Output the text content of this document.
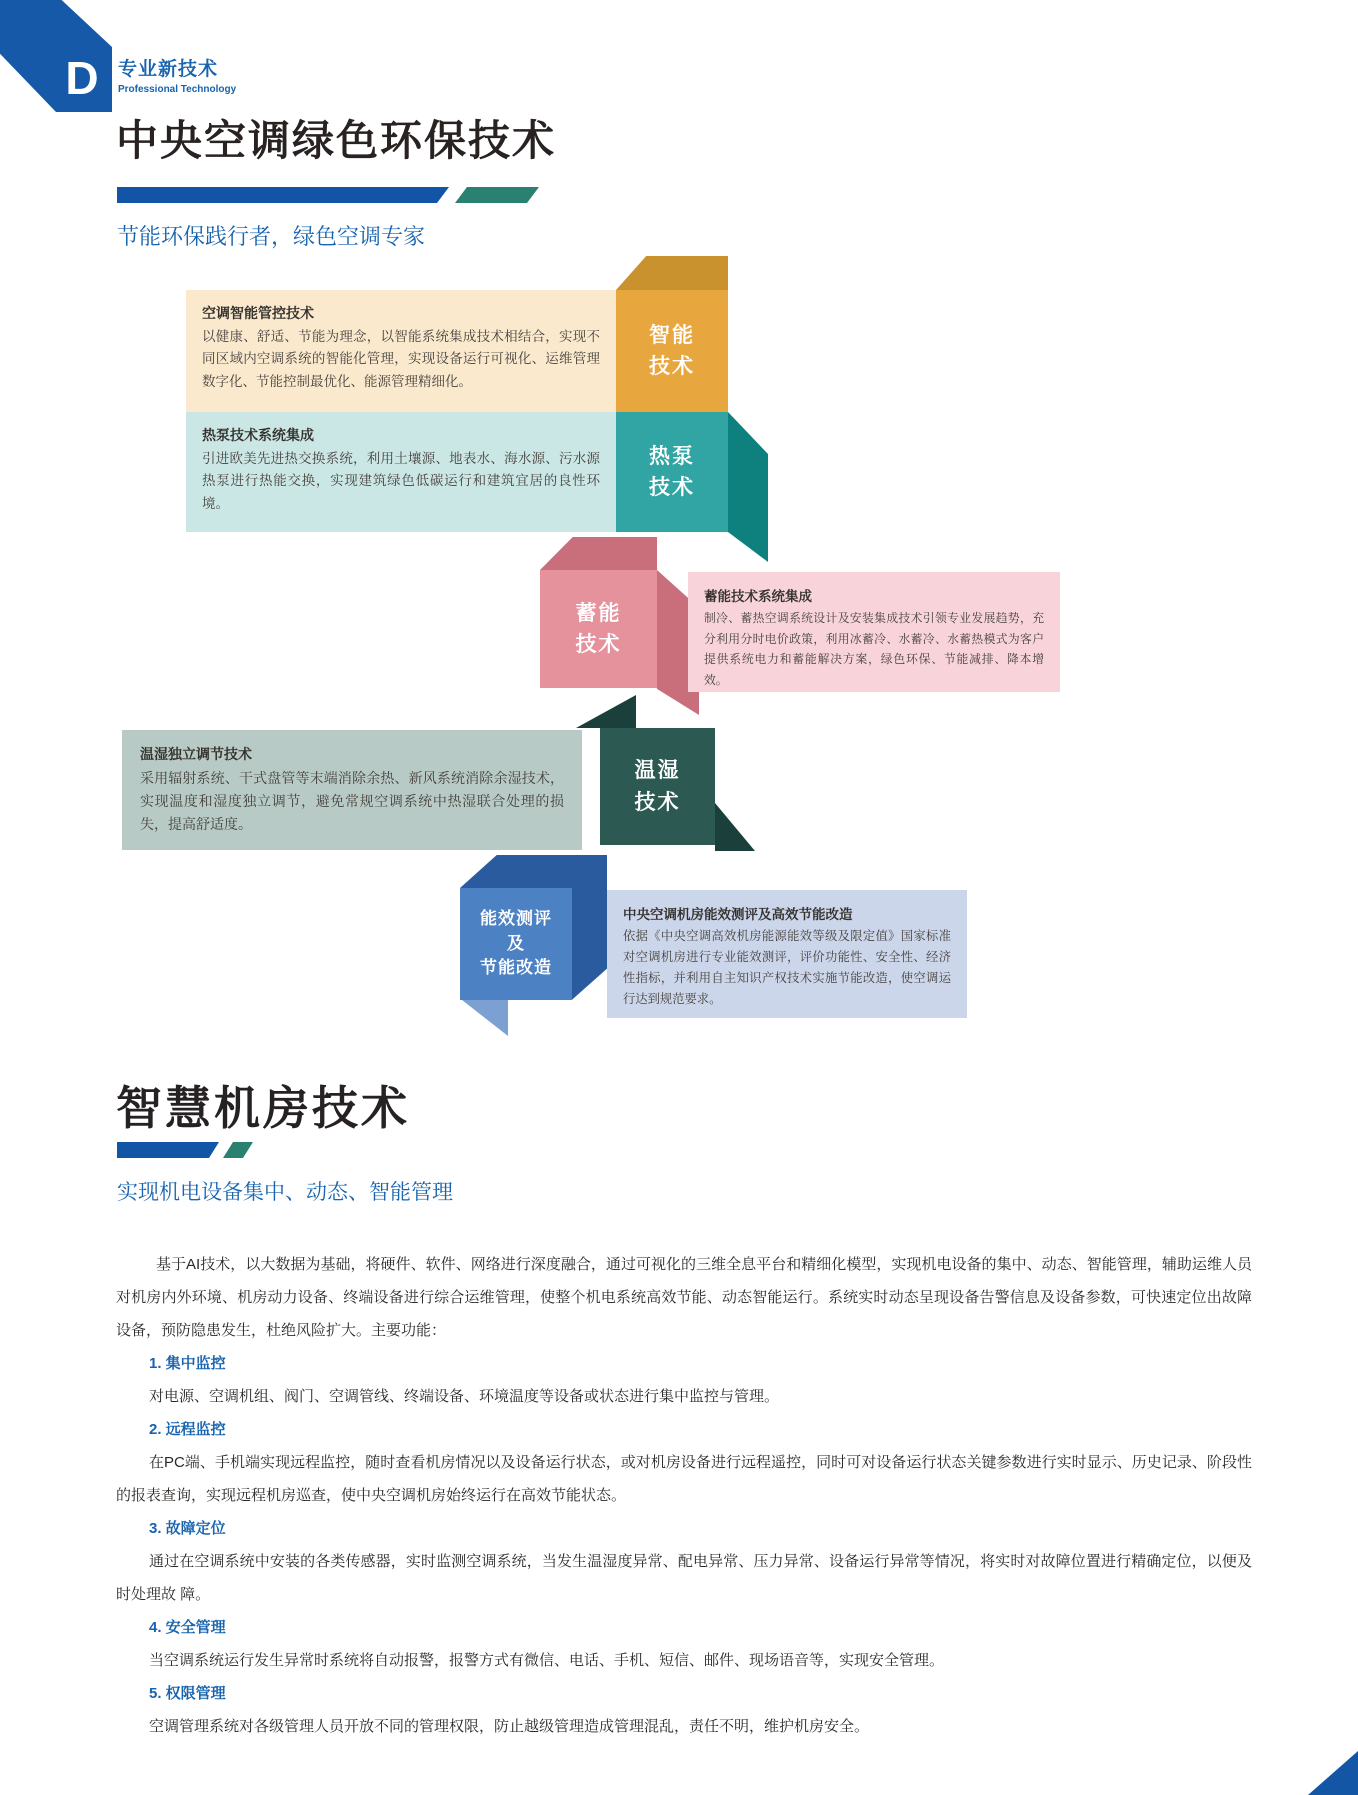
D	专业新技术
Professional Technology
中央空调绿色环保技术
节能环保践行者，绿色空调专家

空调智能管控技术

以健康、舒适、节能为理念，以智能系统集成技术相结合，实现不同区域内空调系统的智能化管理，实现设备运行可视化、运维管理数字化、节能控制最优化、能源管理精细化。

智能
技术

热泵技术系统集成

引进欧美先进热交换系统，利用土壤源、地表水、海水源、污水源热泵进行热能交换，实现建筑绿色低碳运行和建筑宜居的良性环境。

热泵
技术
蓄能
技术

蓄能技术系统集成

制冷、蓄热空调系统设计及安装集成技术引领专业发展趋势，充分利用分时电价政策，利用冰蓄冷、水蓄冷、水蓄热模式为客户提供系统电力和蓄能解决方案，绿色环保、节能减排、降本增效。

温湿独立调节技术

采用辐射系统、干式盘管等末端消除余热、新风系统消除余湿技术，实现温度和湿度独立调节，避免常规空调系统中热湿联合处理的损失，提高舒适度。

温湿
技术
能效测评
及
节能改造

中央空调机房能效测评及高效节能改造

依据《中央空调高效机房能源能效等级及限定值》国家标准对空调机房进行专业能效测评，评价功能性、安全性、经济性指标，并利用自主知识产权技术实施节能改造，使空调运行达到规范要求。

智慧机房技术
实现机电设备集中、动态、智能管理

基于AI技术，以大数据为基础，将硬件、软件、网络进行深度融合，通过可视化的三维全息平台和精细化模型，实现机电设备的集中、动态、智能管理，辅助运维人员对机房内外环境、机房动力设备、终端设备进行综合运维管理，使整个机电系统高效节能、动态智能运行。系统实时动态呈现设备告警信息及设备参数，可快速定位出故障设备，预防隐患发生，杜绝风险扩大。主要功能：

1. 集中监控

对电源、空调机组、阀门、空调管线、终端设备、环境温度等设备或状态进行集中监控与管理。

2. 远程监控

在PC端、手机端实现远程监控，随时查看机房情况以及设备运行状态，或对机房设备进行远程遥控，同时可对设备运行状态关键参数进行实时显示、历史记录、阶段性的报表查询，实现远程机房巡查，使中央空调机房始终运行在高效节能状态。

3. 故障定位

通过在空调系统中安装的各类传感器，实时监测空调系统，当发生温湿度异常、配电异常、压力异常、设备运行异常等情况，将实时对故障位置进行精确定位，以便及时处理故 障。

4. 安全管理

当空调系统运行发生异常时系统将自动报警，报警方式有微信、电话、手机、短信、邮件、现场语音等，实现安全管理。

5. 权限管理

空调管理系统对各级管理人员开放不同的管理权限，防止越级管理造成管理混乱，责任不明，维护机房安全。
